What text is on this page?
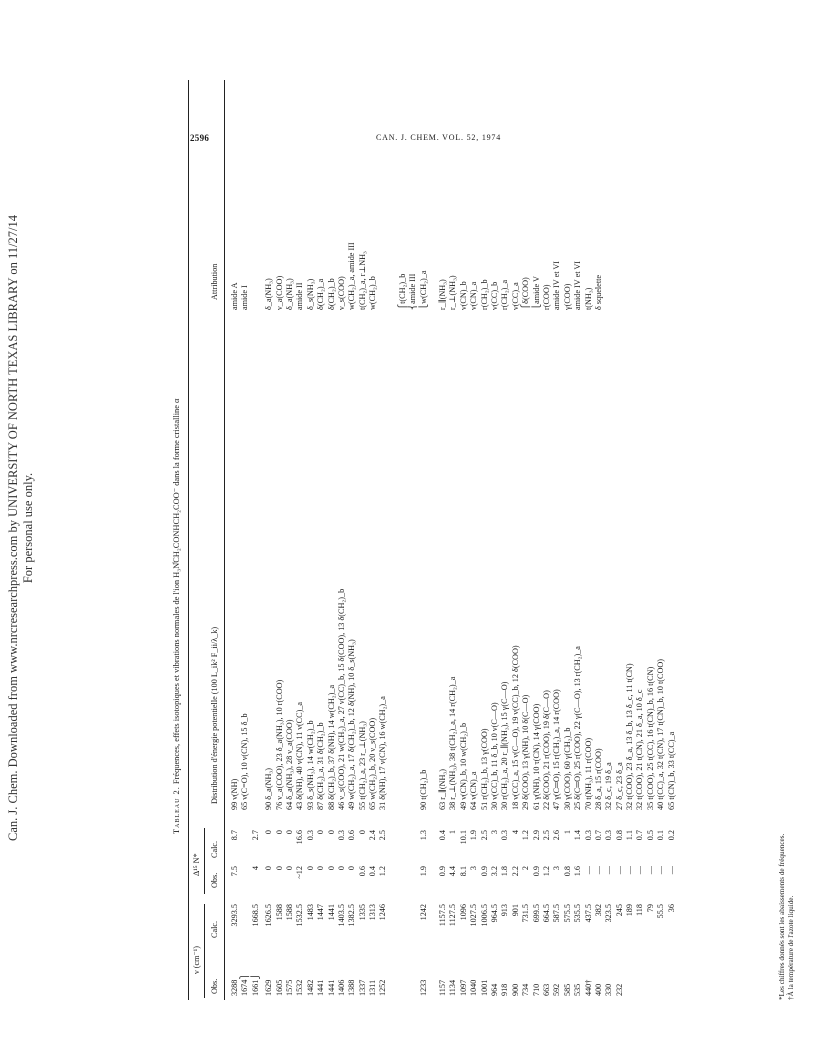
Can. J. Chem. Downloaded from www.nrcresearchpress.com by UNIVERSITY OF NORTH TEXAS LIBRARY on 11/27/14 For personal use only.
2596	CAN. J. CHEM. VOL. 52, 1974
Tableau 2. Fréquences, effets isotopiques et vibrations normales de l'ion H₃N̊CH₂CONHCH₂COO⁻ dans la forme cristalline α
ν (cm⁻¹)
Δ¹⁵ N*
Obs.
Calc.
Obs.
Calc.
Distribution d'énergie potentielle (100 L_ik² F_ii/λ_k)
Attribution
3288
3293.5
7.5
8.7
99 ν(NH)
amide A
1674⎫
65 ν(C=O), 10 ν(CN), 15 δ_b
amide I
1661⎭
1668.5
4
2.7
1629
1626.5
0
0
90 δ_a(NH₃)
δ_a(NH₃)
1605
1588
0
0
76 ν_a(COO), 23 δ_a(NH₃), 10 r(COO)
ν_a(COO)
1575
1588
0
0
64 δ_a(NH₃), 28 ν_a(COO)
δ_a(NH₃)
1532
1532.5
~12
16.6
43 δ(NH), 40 ν(CN), 11 ν(CC)_a
amide II
1482
1483
0
0.3
93 δ_s(NH₃), 14 w(CH₂)_b
δ_s(NH₃)
1441
1447
0
0
87 δ(CH₂)_a, 31 δ(CH₂)_b
δ(CH₂)_a
1441
1441
0
0
88 δ(CH₂)_b, 37 δ(NH), 14 w(CH₂)_a
δ(CH₂)_b
1406
1403.5
0
0.3
46 ν_s(COO), 21 w(CH₂)_a, 27 ν(CC)_b, 15 δ(COO), 13 δ(CH₂)_b
ν_s(COO)
1388
1382.5
0
0.6
49 w(CH₂)_a, 17 δ(CH₂)_b, 12 δ(NH), 10 δ_s(NH₃)
w(CH₂)_a, amide III
1337
1335
0.6
0
55 t(CH₂)_a, 23 r_⊥(NH₃)
t(CH₂)_a, r⊥NH₃
1311
1313
0.4
2.4
65 w(CH₂)_b, 20 ν_s(COO)
w(CH₂)_b
1252
1246
1.2
2.5
31 δ(NH), 17 ν(CN), 16 w(CH₂)_a
⎧t(CH₂)_b ⎨amide III
1233
1242
1.9
1.3
90 t(CH₂)_b
⎩w(CH₂)_a
1157
1157.5
0.9
0.4
63 r_∥(NH₃)
r_∥(NH₃)
1134
1127.5
4.4
1
38 r_⊥(NH₃), 38 t(CH₂)_a, 14 r(CH₂)_a
r_⊥(NH₃)
1097
1096
8.1
10.1
49 ν(CN)_b, 10 w(CH₂)_b
ν(CN)_b
1040
1027.5
3
1.9
64 ν(CN)_a
ν(CN)_a
1001
1006.5
0.9
2.5
51 r(CH₂)_b, 13 γ(COO)
r(CH₂)_b
964
964.5
3.2
3
30 ν(CC)_b, 11 δ_b, 10 ν(C—O)
ν(CC)_b
918
913
1.8
0.3
30 r(CH₂)_a, 20 r_∥(NH₃), 15 γ(C—O)
r(CH₂)_a
900
901
2.2
4
18 ν(CC)_a, 15 ν(C—O), 19 ν(CC)_b, 12 δ(COO)
ν(CC)_a
734
731.5
2
1.2
29 δ(COO), 13 γ(NH), 10 δ(C—O)
⎧δ(COO)
710
699.5
0.9
2.9
61 γ(NH), 10 τ(CN), 14 γ(COO)
⎩amide V
663
664.5
1.2
2.5
22 δ(COO), 21 r(COO), 19 δ(C—O)
r(COO)
592
587.5
3
2.6
47 γ(C═O), 15 r(CH₂)_a, 14 r(COO)
amide IV et VI
585
575.5
0.8
1
30 γ(COO), 60 γ(CH₂)_b
γ(COO)
535
535.5
1.6
1.4
25 δ(C═O), 25 r(COO), 22 γ(C—O), 13 r(CH₂)_a
amide IV et VI
440†
437.5
—
0.3
70 t(NH₃), 11 r(COO)
t(NH₃)
400
382
—
0.7
28 δ_a, 15 r(COO)
δ squelette
330
323.5
—
0.3
32 δ_c, 19 δ_a
232
245
—
0.8
27 δ_c, 23 δ_a
189
—
1.1
32 t(COO), 23 δ_a, 13 δ_b, 13 δ_c, 11 t(CN)
118
—
0.7
32 t(COO), 21 t(CN), 21 δ_a, 10 δ_c
79
—
0.5
35 t(COO), 25 t(CC), 16 t(CN)_b, 16 t(CN)
55.5
—
0.1
40 t(CC)_a, 32 t(CN), 17 t(CN)_b, 10 t(COO)
36
—
0.2
65 t(CN)_b, 33 t(CC)_a
*Les chiffres donnés sont les abaissements de fréquences. †À la température de l'azote liquide.
